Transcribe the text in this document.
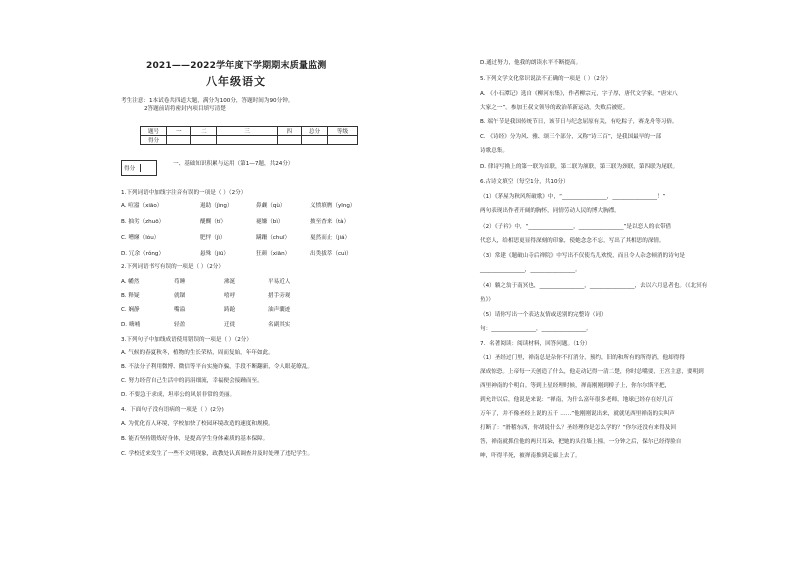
2021——2022学年度下学期期末质量监测
八年级语文
考生注意：1本试卷共四道大题，满分为100分，答题时间为90分钟。
2答题前请将密封内项目填写清楚
题号	一	二	三	四	总分	等级
得分						
得分
一、基础知识积累与运用（第1—7题，共24分）
1.下列词语中加线字注音有误的一项是（ ）（2分）
A. 喧嚣（xiāo）	遏助（jìng）	鼻觑（qù）	义愤填膺（yīng）
B. 抽劣（zhuō）	醍醐（tí）	褪嫌（bì）	披至杳来（tà）
C. 嘈窿（lóu）	肥怦（jì）	蹒跚（chuī）	戛然而止（jiá）
D. 冗余（rǒng）	悬殊（jiū）	狂颜（xiān）	出类拔萃（cuì）
2.下列词语书写有误的一项是（ ）（2分）
A. 幡然	苟睡	沸涎	平易近人
B. 释疑	就锢	嘻呼	措手旁观
C. 娴静	嘴溢	踌跄	油声囊迹
D. 嗨哺	轻盈	迁徙	名副其实
3.下列句子中加线成语使用错误的一项是（ ）（2分）
A. 气候的春夏秋冬，植物的生长荣枯，周而复始，年年如此。
B. 不法分子利用微博、微信等平台实施诈骗，手段不断翻新，令人眼花缭乱。
C. 努力经营自己生活中的涓涓细流，幸福便会接踵而至。
D. 不要急于求成，坦率公的风景非常的美丽。
4．下面句子没有语病的一项是（ ）(2分)
A. 为优化育人环境，学校加快了校园环境改造的速度和规模。
B. 能否坚持锻炼好身体，是提高学生身体素质的基本保障。
C. 学校近来发生了一些不文明现象，政教处认真调查并及时处理了违纪学生。
D.通过努力，他我的朗读水平不断提高。
5.下列文学文化常识说法不正确的一项是（ ）（2分）
A. 《小石潭记》选自《柳河东集》，作者柳宗元，字子厚，唐代文学家。“唐宋八
大家之一”。参加王叔文领导的政治革新运动，失败后被贬。
B. 端午节是我国传统节日，该节日与纪念屈原有关，有吃粽子，赛龙舟等习俗。
C. 《诗经》分为风、雅、颂三个部分，又称“诗三百”，是我国最早的一部
诗歌总集。
D. 律诗写拗上的第一联为首联，第二联为颔联，第三联为颈联，第四联为尾联。
6.古诗文填空（每空1分，共10分）
（1）《茅屋为秋风所破歌》中，“________________，________________！”
两句表现出作者开阔的胸怀，同情劳动人民的博大胸襟。
（2）《子衿》中，“________________，________________”是以恋人的衣带借
代恋人，给相思更显得深刻的印象，使她念念不忘，写出了其相思的深情。
（3）常建《题破山寺后禅院》中写出不仅使鸟儿欢悦，而且令人杂念顿消的诗句是
________________，________________。
（4）躺之翁于南冥也，________________，________________，去以六月息者也。（《北冥有
鱼》）
（5）请你写出一个表达友情或送别的完整诗（词）
句：________________，________________。
7．名著阅读：阅读材料，回答问题。（1分）
（1）圣经过门里，禅南总是杂你不打消分，预约，旧的和所有的所得消，他却得得
深成惊恐。上帝每一天创造了什么，他走动记得一清二楚，你时总嘴要，王宫主意，要明到
西里神南的个明白。等到上星经理时候，禅南刚刚到桥子上，你尔尔斯平把，
到允许以后，他说是来说：“禅南，为什么富年很多老师，地球已经存在好几百
万年了，并不像圣经上说的五千 ……”他刚刚说出来，就就见西里禅南的尖叫声
打断了：“滑稽东西，你胡说什么？圣经理你是怎么学的？”你尔还没有来得及回
答，禅南就抓住他的两只耳朵，把她的头往墙上撞。一分钟之后，保尔已经得脸自
呻，吓得半死，被禅南推到走廊上去了。
